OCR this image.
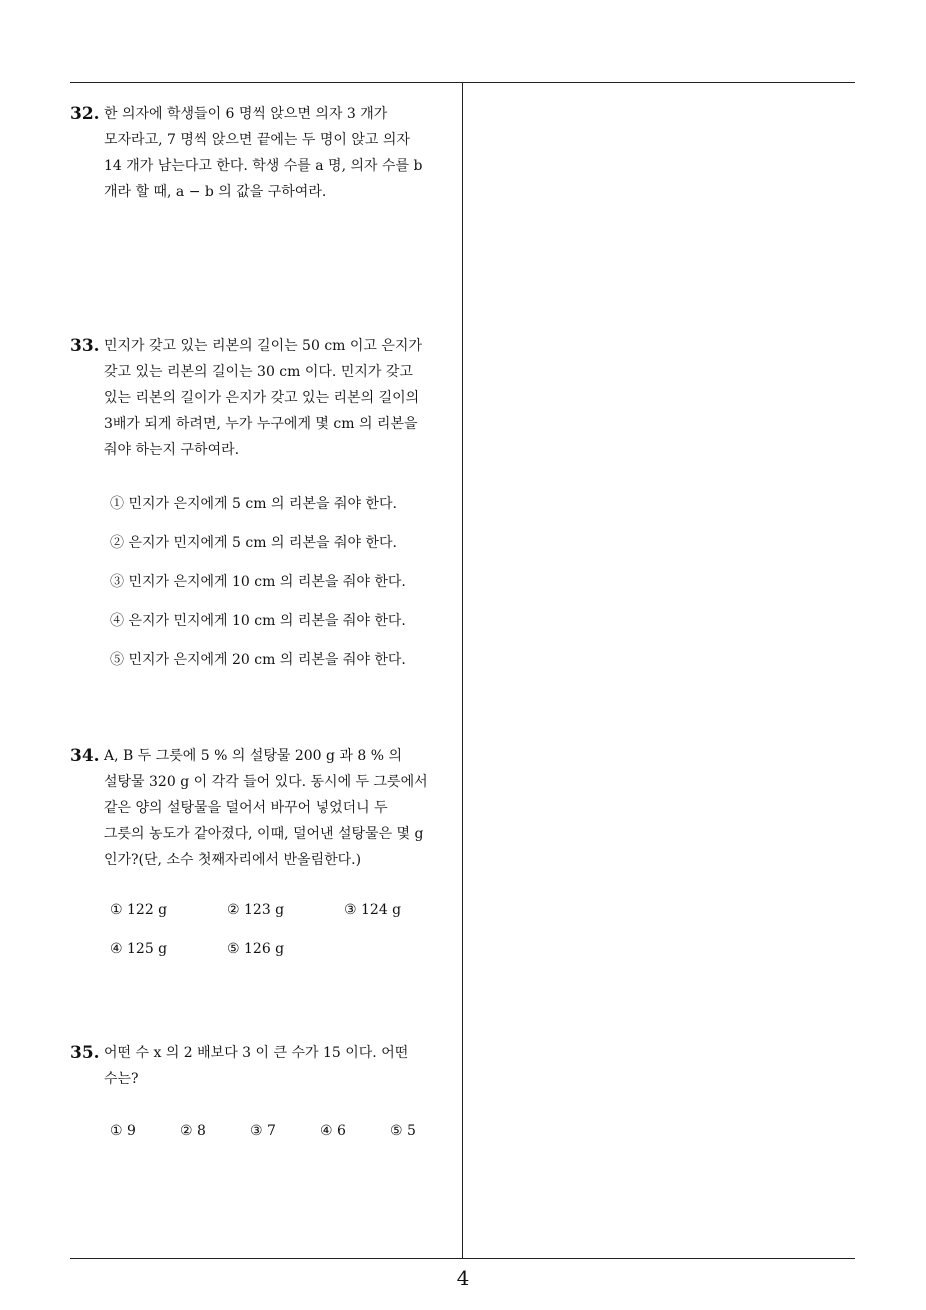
32. 한 의자에 학생들이 6 명씩 앉으면 의자 3 개가
모자라고, 7 명씩 앉으면 끝에는 두 명이 앉고 의자
14 개가 남는다고 한다. 학생 수를 a 명, 의자 수를 b
개라 할 때, a − b 의 값을 구하여라.
33. 민지가 갖고 있는 리본의 길이는 50 cm 이고 은지가
갖고 있는 리본의 길이는 30 cm 이다. 민지가 갖고
있는 리본의 길이가 은지가 갖고 있는 리본의 길이의
3배가 되게 하려면, 누가 누구에게 몇 cm 의 리본을
줘야 하는지 구하여라.
① 민지가 은지에게 5 cm 의 리본을 줘야 한다.
② 은지가 민지에게 5 cm 의 리본을 줘야 한다.
③ 민지가 은지에게 10 cm 의 리본을 줘야 한다.
④ 은지가 민지에게 10 cm 의 리본을 줘야 한다.
⑤ 민지가 은지에게 20 cm 의 리본을 줘야 한다.
34. A, B 두 그릇에 5 % 의 설탕물 200 g 과 8 % 의
설탕물 320 g 이 각각 들어 있다. 동시에 두 그릇에서
같은 양의 설탕물을 덜어서 바꾸어 넣었더니 두
그릇의 농도가 같아졌다, 이때, 덜어낸 설탕물은 몇 g
인가?(단, 소수 첫째자리에서 반올림한다.)
① 122 g	② 123 g	③ 124 g
④ 125 g	⑤ 126 g
35. 어떤 수 x 의 2 배보다 3 이 큰 수가 15 이다. 어떤
수는?
① 9	② 8	③ 7	④ 6	⑤ 5
4
